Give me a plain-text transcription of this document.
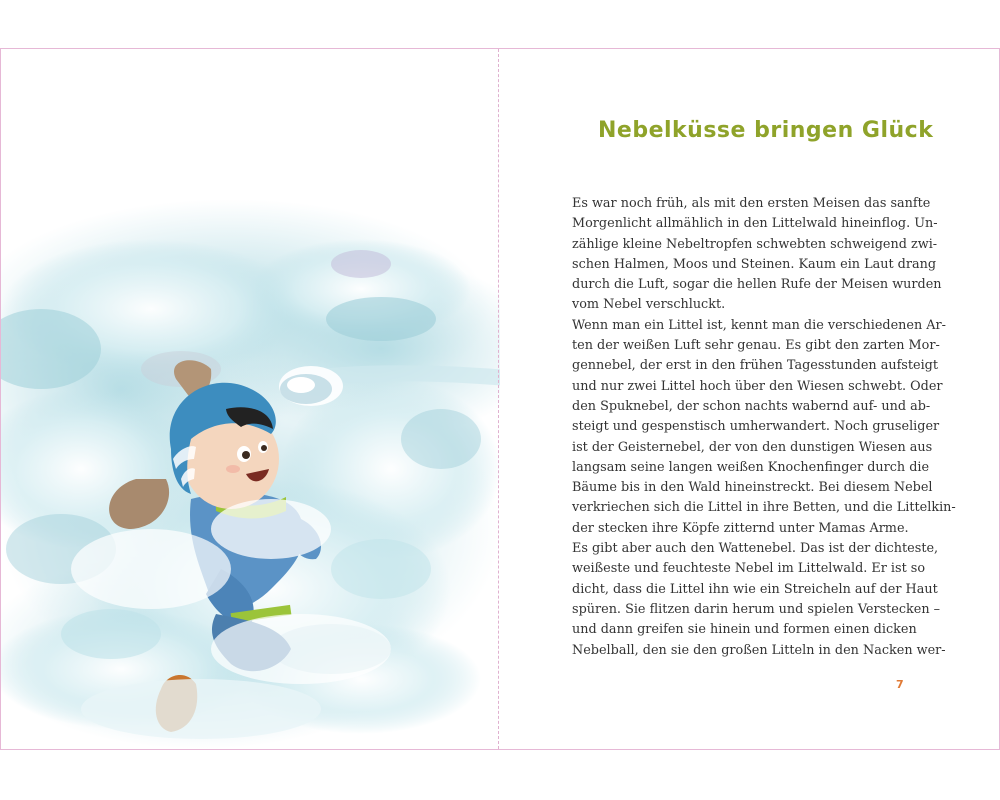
Nebelküsse bringen Glück
Es war noch früh, als mit den ersten Meisen das sanfte
Morgenlicht allmählich in den Littelwald hineinflog. Un-
zählige kleine Nebeltropfen schwebten schweigend zwi-
schen Halmen, Moos und Steinen. Kaum ein Laut drang
durch die Luft, sogar die hellen Rufe der Meisen wurden
vom Nebel verschluckt.
Wenn man ein Littel ist, kennt man die verschiedenen Ar-
ten der weißen Luft sehr genau. Es gibt den zarten Mor-
gennebel, der erst in den frühen Tagesstunden aufsteigt
und nur zwei Littel hoch über den Wiesen schwebt. Oder
den Spuknebel, der schon nachts wabernd auf- und ab-
steigt und gespenstisch umherwandert. Noch gruseliger
ist der Geisternebel, der von den dunstigen Wiesen aus
langsam seine langen weißen Knochenfinger durch die
Bäume bis in den Wald hineinstreckt. Bei diesem Nebel
verkriechen sich die Littel in ihre Betten, und die Littelkin-
der stecken ihre Köpfe zitternd unter Mamas Arme.
Es gibt aber auch den Wattenebel. Das ist der dichteste,
weißeste und feuchteste Nebel im Littelwald. Er ist so
dicht, dass die Littel ihn wie ein Streicheln auf der Haut
spüren. Sie flitzen darin herum und spielen Verstecken –
und dann greifen sie hinein und formen einen dicken
Nebelball, den sie den großen Litteln in den Nacken wer-
7
